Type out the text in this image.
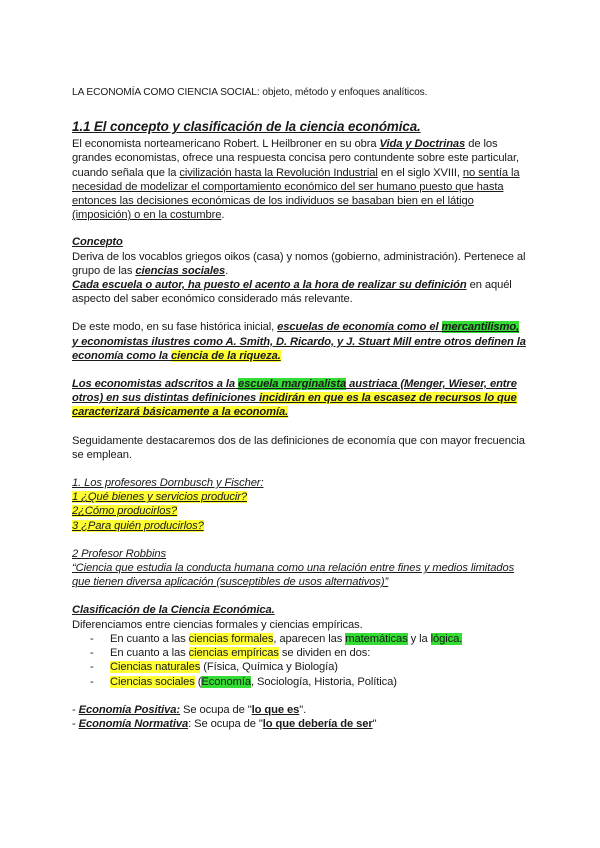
LA ECONOMÍA COMO CIENCIA SOCIAL: objeto, método y enfoques analíticos.

1.1 El concepto y clasificación de la ciencia económica.

El economista norteamericano Robert. L Heilbroner en su obra Vida y Doctrinas de los grandes economistas, ofrece una respuesta concisa pero contundente sobre este particular, cuando señala que la civilización hasta la Revolución Industrial en el siglo XVIII, no sentía la necesidad de modelizar el comportamiento económico del ser humano puesto que hasta entonces las decisiones económicas de los individuos se basaban bien en el látigo (imposición) o en la costumbre.

Concepto

Deriva de los vocablos griegos oikos (casa) y nomos (gobierno, administración). Pertenece al grupo de las ciencias sociales.
Cada escuela o autor, ha puesto el acento a la hora de realizar su definición en aquél aspecto del saber económico considerado más relevante.

De este modo, en su fase histórica inicial, escuelas de economía como el mercantilismo, y economistas ilustres como A. Smith, D. Ricardo, y J. Stuart Mill entre otros definen la economía como la ciencia de la riqueza.

Los economistas adscritos a la escuela marginalista austriaca (Menger, Wieser, entre otros) en sus distintas definiciones incidirán en que es la escasez de recursos lo que caracterizará básicamente a la economía.

Seguidamente destacaremos dos de las definiciones de economía que con mayor frecuencia se emplean.

1. Los profesores Dornbusch y Fischer:

1 ¿Qué bienes y servicios producir?

2¿Cómo producirlos?

3 ¿Para quién producirlos?

2 Profesor Robbins

“Ciencia que estudia la conducta humana como una relación entre fines y medios limitados que tienen diversa aplicación (susceptibles de usos alternativos)”

Clasificación de la Ciencia Económica.

Diferenciamos entre ciencias formales y ciencias empíricas.

- En cuanto a las ciencias formales, aparecen las matemáticas y la lógica.
- En cuanto a las ciencias empíricas se dividen en dos:
- Ciencias naturales (Física, Química y Biología)
- Ciencias sociales (Economía, Sociología, Historia, Política)

- Economía Positiva: Se ocupa de "lo que es".

- Economía Normativa: Se ocupa de "lo que debería de ser"
